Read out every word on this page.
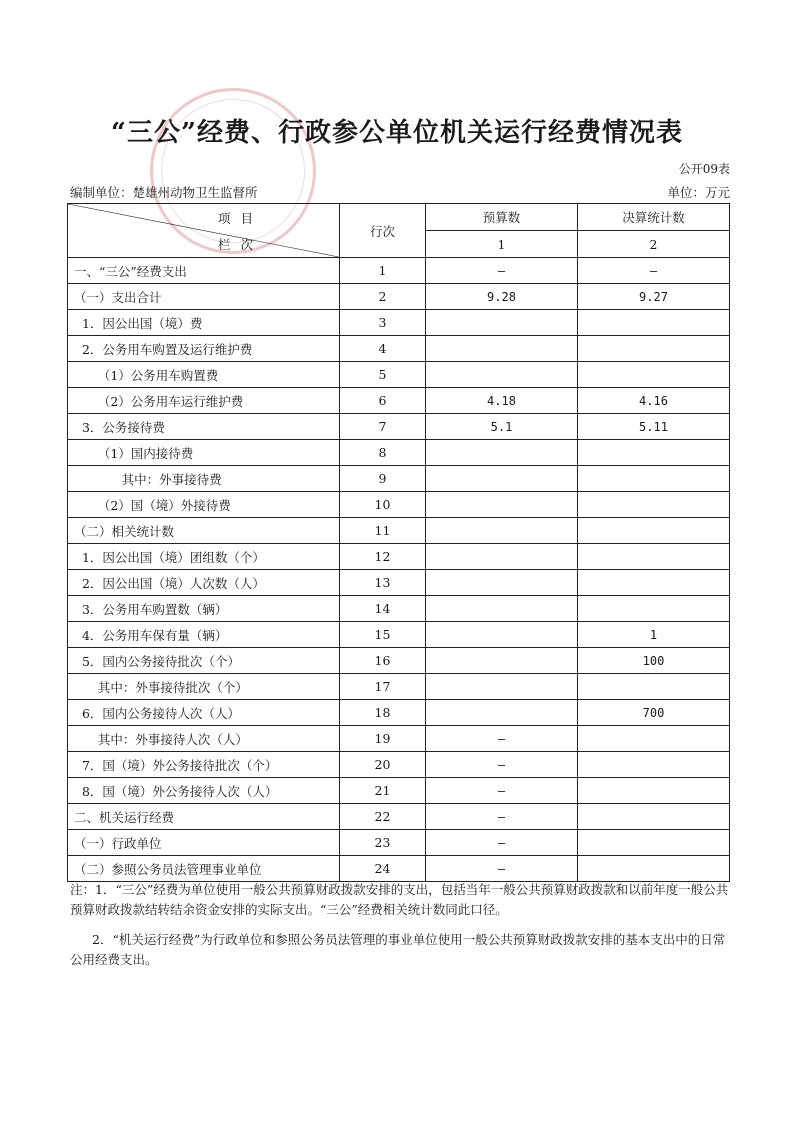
“三公”经费、行政参公单位机关运行经费情况表
公开09表
编制单位：楚雄州动物卫生监督所	单位：万元
项目
栏次	行次	预算数	决算统计数
		1	2
一、“三公”经费支出	1	—	—
（一）支出合计	2	9.28	9.27
1．因公出国（境）费	3		
2．公务用车购置及运行维护费	4		
（1）公务用车购置费	5		
（2）公务用车运行维护费	6	4.18	4.16
3．公务接待费	7	5.1	5.11
（1）国内接待费	8		
其中：外事接待费	9		
（2）国（境）外接待费	10		
（二）相关统计数	11		
1．因公出国（境）团组数（个）	12		
2．因公出国（境）人次数（人）	13		
3．公务用车购置数（辆）	14		
4．公务用车保有量（辆）	15		1
5．国内公务接待批次（个）	16		100
其中：外事接待批次（个）	17		
6．国内公务接待人次（人）	18		700
其中：外事接待人次（人）	19	—	
7．国（境）外公务接待批次（个）	20	—	
8．国（境）外公务接待人次（人）	21	—	
二、机关运行经费	22	—	
（一）行政单位	23	—	
（二）参照公务员法管理事业单位	24	—	

注：1．“三公”经费为单位使用一般公共预算财政拨款安排的支出，包括当年一般公共预算财政拨款和以前年度一般公共预算财政拨款结转结余资金安排的实际支出。“三公”经费相关统计数同此口径。

2．“机关运行经费”为行政单位和参照公务员法管理的事业单位使用一般公共预算财政拨款安排的基本支出中的日常公用经费支出。
